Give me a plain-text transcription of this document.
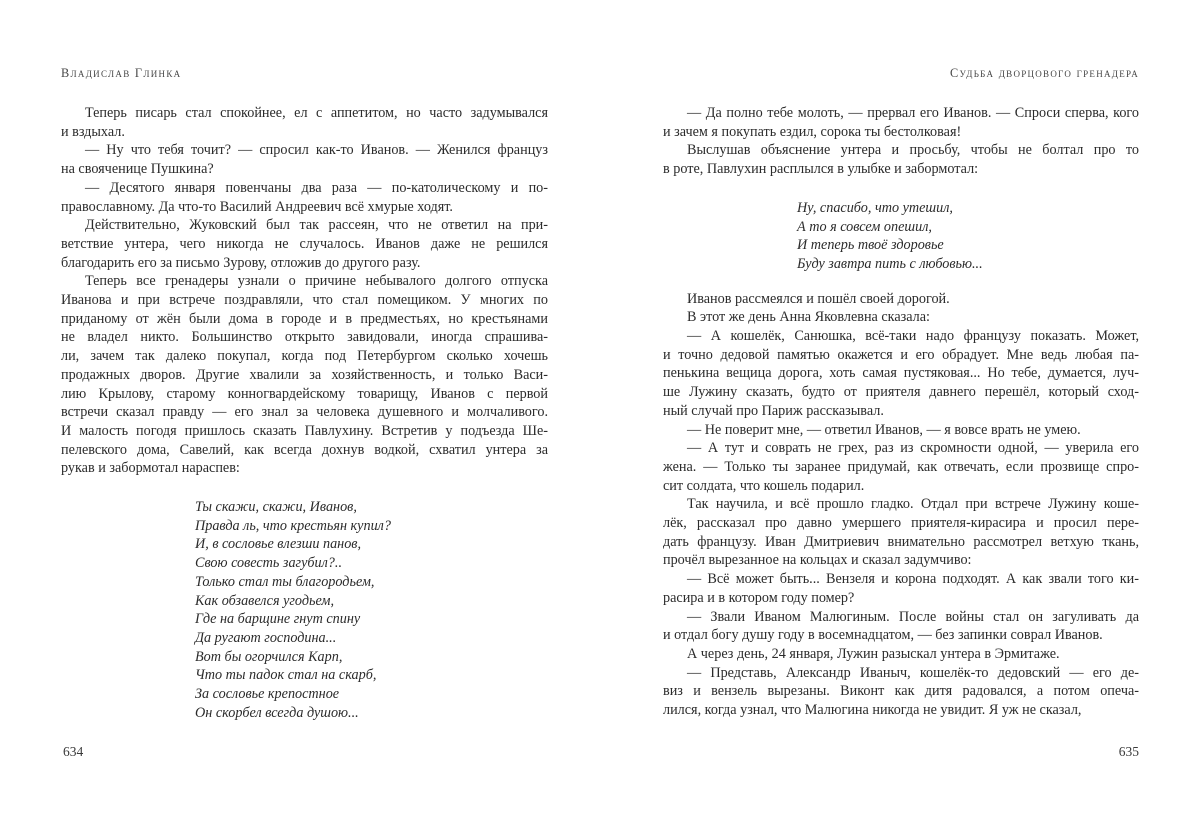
Владислав Глинка
Теперь писарь стал спокойнее, ел с аппетитом, но часто задумывался
и вздыхал.
— Ну что тебя точит? — спросил как-то Иванов. — Женился француз
на свояченице Пушкина?
— Десятого января повенчаны два раза — по-католическому и по-
православному. Да что-то Василий Андреевич всё хмурые ходят.
Действительно, Жуковский был так рассеян, что не ответил на при-
ветствие унтера, чего никогда не случалось. Иванов даже не решился
благодарить его за письмо Зурову, отложив до другого разу.
Теперь все гренадеры узнали о причине небывалого долгого отпуска
Иванова и при встрече поздравляли, что стал помещиком. У многих по
приданому от жён были дома в городе и в предместьях, но крестьянами
не владел никто. Большинство открыто завидовали, иногда спрашива-
ли, зачем так далеко покупал, когда под Петербургом сколько хочешь
продажных дворов. Другие хвалили за хозяйственность, и только Васи-
лию Крылову, старому конногвардейскому товарищу, Иванов с первой
встречи сказал правду — его знал за человека душевного и молчаливого.
И малость погодя пришлось сказать Павлухину. Встретив у подъезда Ше-
пелевского дома, Савелий, как всегда дохнув водкой, схватил унтера за
рукав и забормотал нараспев:
Ты скажи, скажи, Иванов,
Правда ль, что крестьян купил?
И, в сословье влезши панов,
Свою совесть загубил?..
Только стал ты благородьем,
Как обзавелся угодьем,
Где на барщине гнут спину
Да ругают господина...
Вот бы огорчился Карп,
Что ты падок стал на скарб,
За сословье крепостное
Он скорбел всегда душою...
634
Судьба дворцового гренадера
— Да полно тебе молоть, — прервал его Иванов. — Спроси сперва, кого
и зачем я покупать ездил, сорока ты бестолковая!
Выслушав объяснение унтера и просьбу, чтобы не болтал про то
в роте, Павлухин расплылся в улыбке и забормотал:
Ну, спасибо, что утешил,
А то я совсем опешил,
И теперь твоё здоровье
Буду завтра пить с любовью...
Иванов рассмеялся и пошёл своей дорогой.
В этот же день Анна Яковлевна сказала:
— А кошелёк, Санюшка, всё-таки надо французу показать. Может,
и точно дедовой памятью окажется и его обрадует. Мне ведь любая па-
пенькина вещица дорога, хоть самая пустяковая... Но тебе, думается, луч-
ше Лужину сказать, будто от приятеля давнего перешёл, который сход-
ный случай про Париж рассказывал.
— Не поверит мне, — ответил Иванов, — я вовсе врать не умею.
— А тут и соврать не грех, раз из скромности одной, — уверила его
жена. — Только ты заранее придумай, как отвечать, если прозвище спро-
сит солдата, что кошель подарил.
Так научила, и всё прошло гладко. Отдал при встрече Лужину коше-
лёк, рассказал про давно умершего приятеля-кирасира и просил пере-
дать французу. Иван Дмитриевич внимательно рассмотрел ветхую ткань,
прочёл вырезанное на кольцах и сказал задумчиво:
— Всё может быть... Вензеля и корона подходят. А как звали того ки-
расира и в котором году помер?
— Звали Иваном Малюгиным. После войны стал он загуливать да
и отдал богу душу году в восемнадцатом, — без запинки соврал Иванов.
А через день, 24 января, Лужин разыскал унтера в Эрмитаже.
— Представь, Александр Иваныч, кошелёк-то дедовский — его де-
виз и вензель вырезаны. Виконт как дитя радовался, а потом опеча-
лился, когда узнал, что Малюгина никогда не увидит. Я уж не сказал,
635
